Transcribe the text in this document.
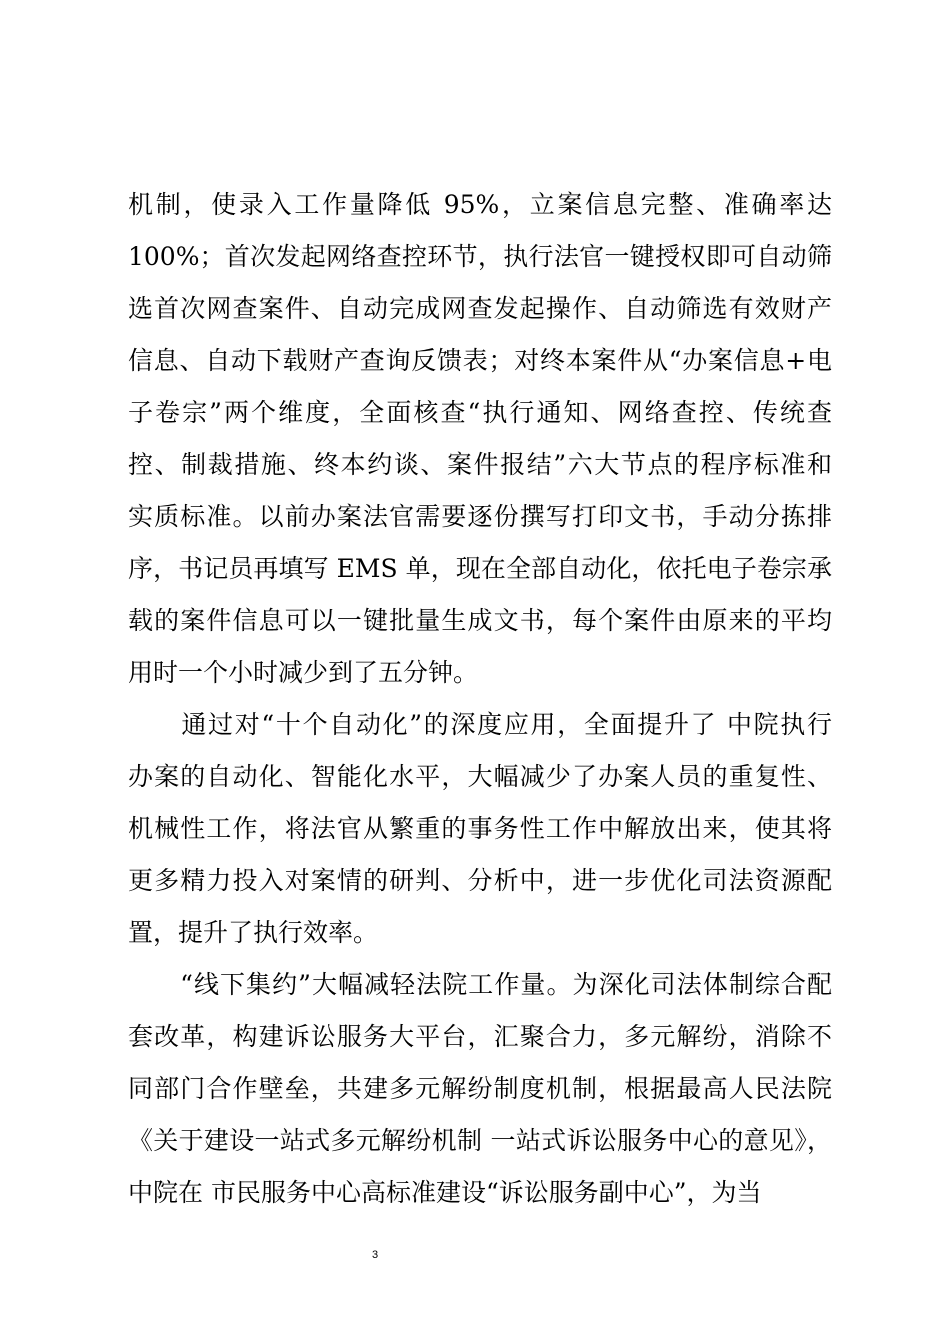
机制，使录入工作量降低 95%，立案信息完整、准确率达
100%；首次发起网络查控环节，执行法官一键授权即可自动筛
选首次网查案件、自动完成网查发起操作、自动筛选有效财产
信息、自动下载财产查询反馈表；对终本案件从“办案信息+电
子卷宗”两个维度，全面核查“执行通知、网络查控、传统查
控、制裁措施、终本约谈、案件报结”六大节点的程序标准和
实质标准。以前办案法官需要逐份撰写打印文书，手动分拣排
序，书记员再填写 EMS 单，现在全部自动化，依托电子卷宗承
载的案件信息可以一键批量生成文书，每个案件由原来的平均
用时一个小时减少到了五分钟。
　　通过对“十个自动化”的深度应用，全面提升了 中院执行
办案的自动化、智能化水平，大幅减少了办案人员的重复性、
机械性工作，将法官从繁重的事务性工作中解放出来，使其将
更多精力投入对案情的研判、分析中，进一步优化司法资源配
置，提升了执行效率。
　　“线下集约”大幅减轻法院工作量。为深化司法体制综合配
套改革，构建诉讼服务大平台，汇聚合力，多元解纷，消除不
同部门合作壁垒，共建多元解纷制度机制，根据最高人民法院
《关于建设一站式多元解纷机制 一站式诉讼服务中心的意见》，
中院在 市民服务中心高标准建设“诉讼服务副中心”，为当
3
